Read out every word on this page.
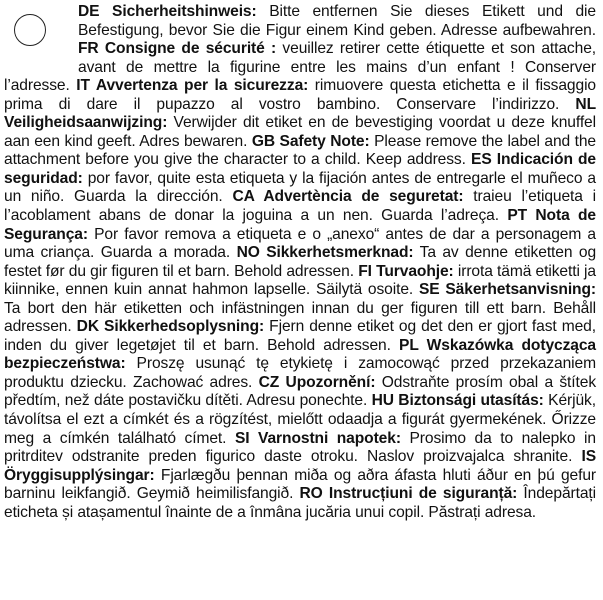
DE Sicherheitshinweis: Bitte entfernen Sie dieses Etikett und die Befestigung, bevor Sie die Figur einem Kind geben. Adresse aufbewahren. FR Consigne de sécurité : veuillez retirer cette étiquette et son attache, avant de mettre la figurine entre les mains d’un enfant ! Conserver l’adresse. IT Avvertenza per la sicurezza: rimuovere questa etichetta e il fissaggio prima di dare il pupazzo al vostro bambino. Conservare l’indirizzo. NL Veiligheidsaanwijzing: Verwijder dit etiket en de bevestiging voordat u deze knuffel aan een kind geeft. Adres bewaren. GB Safety Note: Please remove the label and the attachment before you give the character to a child. Keep address. ES Indicación de seguridad: por favor, quite esta etiqueta y la fijación antes de entregarle el muñeco a un niño. Guarda la dirección. CA Advertència de seguretat: traieu l’etiqueta i l’acoblament abans de donar la joguina a un nen. Guarda l’adreça. PT Nota de Segurança: Por favor remova a etiqueta e o „anexo“ antes de dar a personagem a uma criança. Guarda a morada. NO Sikkerhetsmerknad: Ta av denne etiketten og festet før du gir figuren til et barn. Behold adressen. FI Turvaohje: irrota tämä etiketti ja kiinnike, ennen kuin annat hahmon lapselle. Säilytä osoite. SE Säkerhetsanvisning: Ta bort den här etiketten och infästningen innan du ger figuren till ett barn. Behåll adressen. DK Sikkerhedsoplysning: Fjern denne etiket og det den er gjort fast med, inden du giver legetøjet til et barn. Behold adressen. PL Wskazówka dotycząca bezpieczeństwa: Proszę usunąć tę etykietę i zamocowąć przed przekazaniem produktu dziecku. Zachować adres. CZ Upozornění: Odstraňte prosím obal a štítek předtím, než dáte postavičku dítěti. Adresu ponechte. HU Biztonsági utasítás: Kérjük, távolítsa el ezt a címkét és a rögzítést, mielőtt odaadja a figurát gyermekének. Őrizze meg a címkén található címet. SI Varnostni napotek: Prosimo da to nalepko in pritrditev odstranite preden figurico daste otroku. Naslov proizvajalca shranite. IS Öryggisupplýsingar: Fjarlægðu þennan miða og aðra áfasta hluti áður en þú gefur barninu leikfangið. Geymið heimilisfangið. RO Instrucțiuni de siguranță: Îndepărtați eticheta și atașamentul înainte de a înmâna jucăria unui copil. Păstrați adresa.
